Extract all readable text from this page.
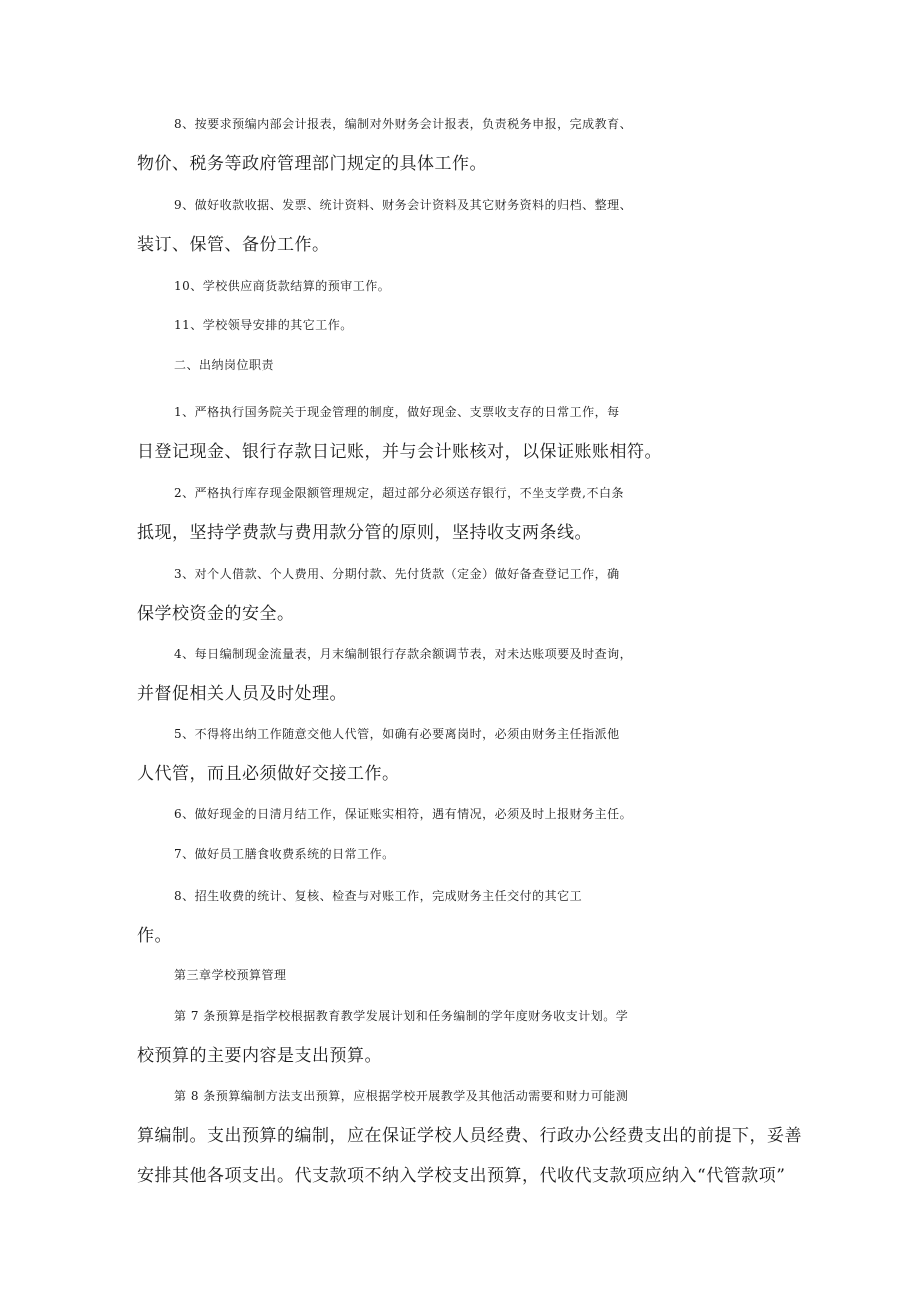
8、按要求预编内部会计报表，编制对外财务会计报表，负责税务申报，完成教育、
物价、税务等政府管理部门规定的具体工作。
9、做好收款收据、发票、统计资料、财务会计资料及其它财务资料的归档、整理、
装订、保管、备份工作。
10、学校供应商货款结算的预审工作。
11、学校领导安排的其它工作。
二、出纳岗位职责
1、严格执行国务院关于现金管理的制度，做好现金、支票收支存的日常工作，每
日登记现金、银行存款日记账，并与会计账核对，以保证账账相符。
2、严格执行库存现金限额管理规定，超过部分必须送存银行，不坐支学费,不白条
抵现，坚持学费款与费用款分管的原则，坚持收支两条线。
3、对个人借款、个人费用、分期付款、先付货款（定金）做好备查登记工作，确
保学校资金的安全。
4、每日编制现金流量表，月末编制银行存款余额调节表，对未达账项要及时查询，
并督促相关人员及时处理。
5、不得将出纳工作随意交他人代管，如确有必要离岗时，必须由财务主任指派他
人代管，而且必须做好交接工作。
6、做好现金的日清月结工作，保证账实相符，遇有情况，必须及时上报财务主任。
7、做好员工膳食收费系统的日常工作。
8、招生收费的统计、复核、检查与对账工作，完成财务主任交付的其它工
作。
第三章学校预算管理
第 7 条预算是指学校根据教育教学发展计划和任务编制的学年度财务收支计划。学
校预算的主要内容是支出预算。
第 8 条预算编制方法支出预算，应根据学校开展教学及其他活动需要和财力可能测
算编制。支出预算的编制，应在保证学校人员经费、行政办公经费支出的前提下，妥善
安排其他各项支出。代支款项不纳入学校支出预算，代收代支款项应纳入“代管款项”
